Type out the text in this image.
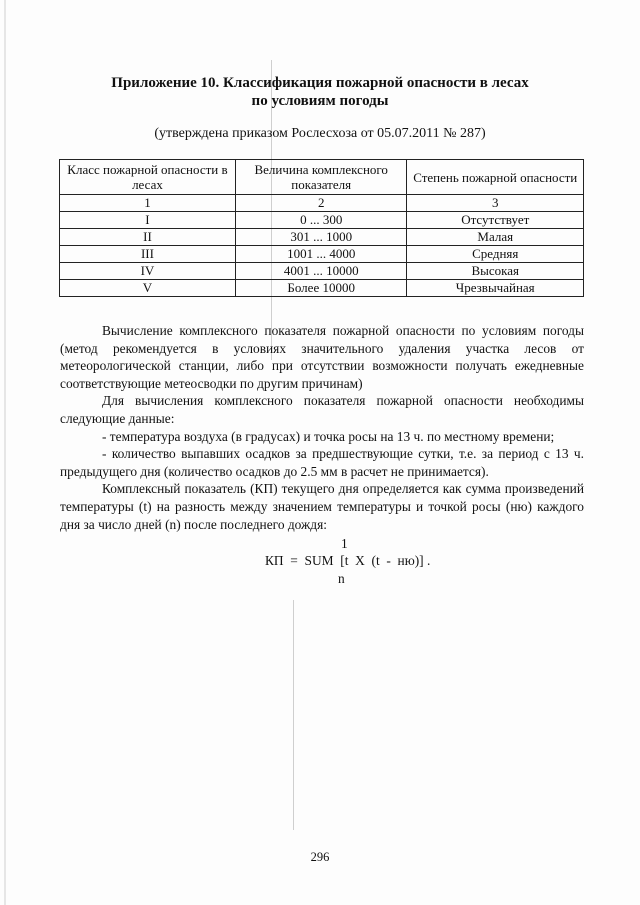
Приложение 10. Классификация пожарной опасности в лесах
по условиям погоды
(утверждена приказом Рослесхоза от 05.07.2011 № 287)
Класс пожарной опасности в лесах	Величина комплексного показателя	Степень пожарной опасности
1	2	3
I	0 ... 300	Отсутствует
II	301 ... 1000	Малая
III	1001 ... 4000	Средняя
IV	4001 ... 10000	Высокая
V	Более 10000	Чрезвычайная

Вычисление комплексного показателя пожарной опасности по условиям погоды (метод рекомендуется в условиях значительного удаления участка лесов от метеорологической станции, либо при отсутствии возможности получать ежедневные соответствующие метеосводки по другим причинам)

Для вычисления комплексного показателя пожарной опасности необходимы следующие данные:

- температура воздуха (в градусах) и точка росы на 13 ч. по местному времени;

- количество выпавших осадков за предшествующие сутки, т.е. за период с 13 ч. предыдущего дня (количество осадков до 2.5 мм в расчет не принимается).

Комплексный показатель (КП) текущего дня определяется как сумма произведений температуры (t) на разность между значением температуры и точкой росы (ню) каждого дня за число дней (n) после последнего дождя:

1
КП  =  SUM  [t  X  (t  -  ню)] .
n
296
